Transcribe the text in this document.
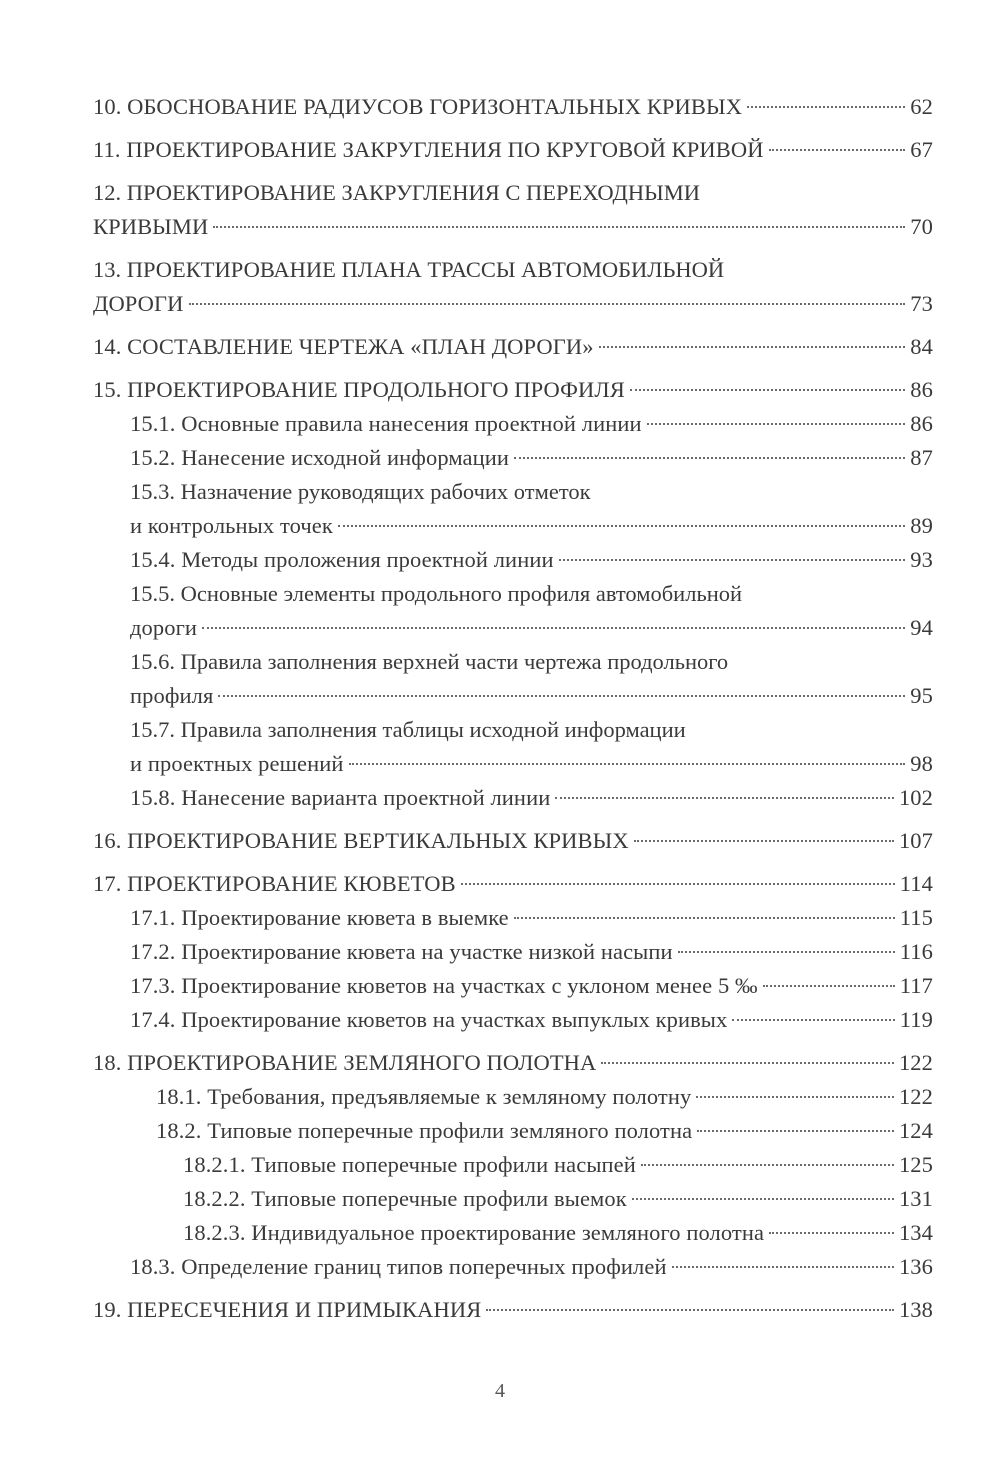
10. ОБОСНОВАНИЕ РАДИУСОВ ГОРИЗОНТАЛЬНЫХ КРИВЫХ	62
11. ПРОЕКТИРОВАНИЕ ЗАКРУГЛЕНИЯ ПО КРУГОВОЙ КРИВОЙ	67
12. ПРОЕКТИРОВАНИЕ ЗАКРУГЛЕНИЯ С ПЕРЕХОДНЫМИ
КРИВЫМИ	70
13. ПРОЕКТИРОВАНИЕ ПЛАНА ТРАССЫ АВТОМОБИЛЬНОЙ
ДОРОГИ	73
14. СОСТАВЛЕНИЕ ЧЕРТЕЖА «ПЛАН ДОРОГИ»	84
15. ПРОЕКТИРОВАНИЕ ПРОДОЛЬНОГО ПРОФИЛЯ	86
15.1. Основные правила нанесения проектной линии	86
15.2. Нанесение исходной информации	87
15.3. Назначение руководящих рабочих отметок
и контрольных точек	89
15.4. Методы проложения проектной линии	93
15.5. Основные элементы продольного профиля автомобильной
дороги	94
15.6. Правила заполнения верхней части чертежа продольного
профиля	95
15.7. Правила заполнения таблицы исходной информации
и проектных решений	98
15.8. Нанесение варианта проектной линии	102
16. ПРОЕКТИРОВАНИЕ ВЕРТИКАЛЬНЫХ КРИВЫХ	107
17. ПРОЕКТИРОВАНИЕ КЮВЕТОВ	114
17.1. Проектирование кювета в выемке	115
17.2. Проектирование кювета на участке низкой насыпи	116
17.3. Проектирование кюветов на участках с уклоном менее 5 ‰	117
17.4. Проектирование кюветов на участках выпуклых кривых	119
18. ПРОЕКТИРОВАНИЕ ЗЕМЛЯНОГО ПОЛОТНА	122
18.1. Требования, предъявляемые к земляному полотну	122
18.2. Типовые поперечные профили земляного полотна	124
18.2.1. Типовые поперечные профили насыпей	125
18.2.2. Типовые поперечные профили выемок	131
18.2.3. Индивидуальное проектирование земляного полотна	134
18.3. Определение границ типов поперечных профилей	136
19. ПЕРЕСЕЧЕНИЯ И ПРИМЫКАНИЯ	138
4
